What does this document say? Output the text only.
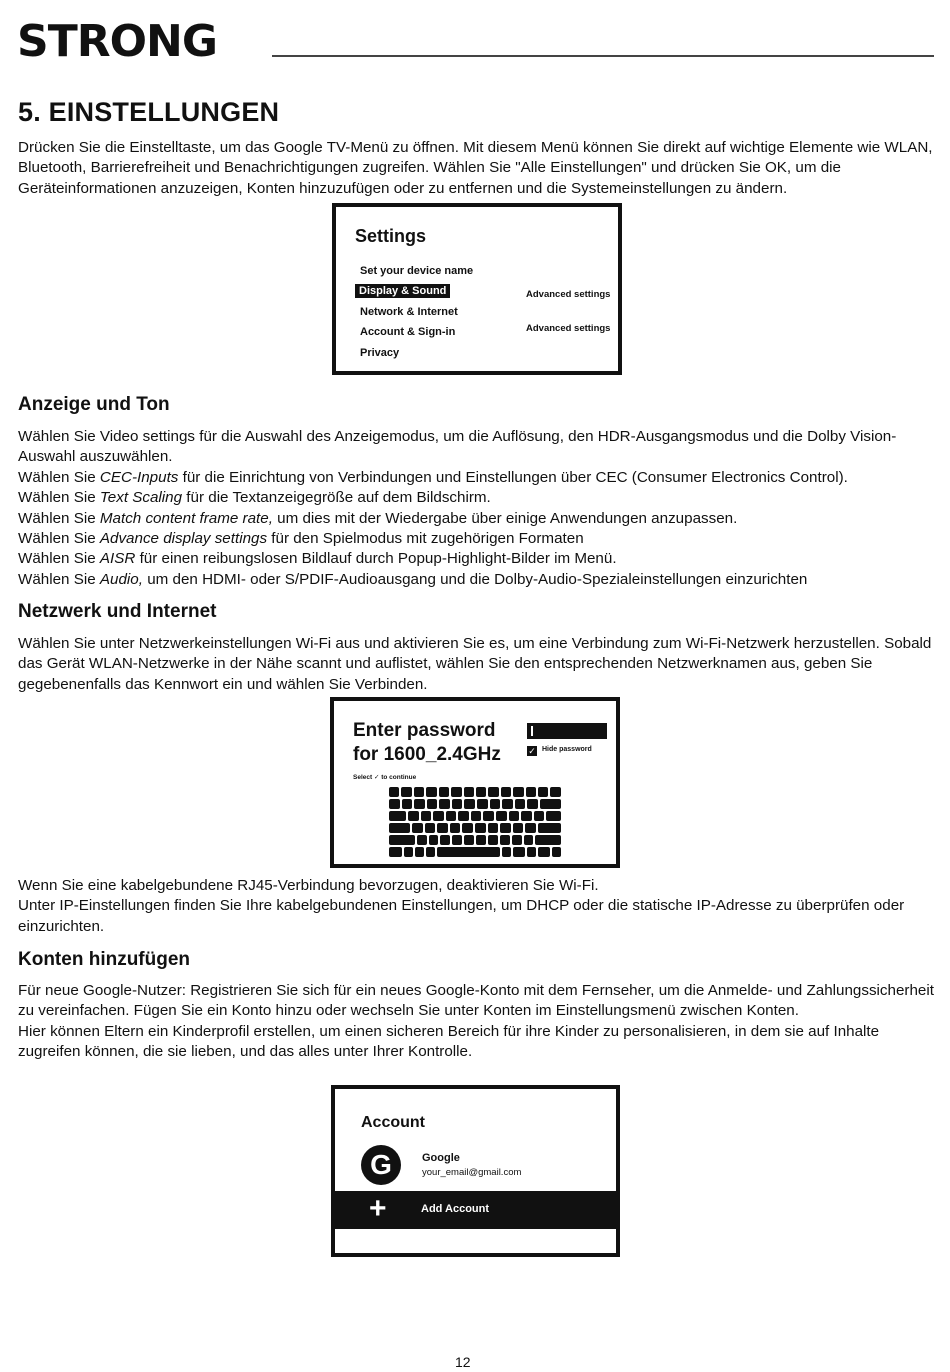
STRONG
5. EINSTELLUNGEN

Drücken Sie die Einstelltaste, um das Google TV-Menü zu öffnen. Mit diesem Menü können Sie direkt auf wichtige Elemente wie WLAN, Bluetooth, Barrierefreiheit und Benachrichtigungen zugreifen. Wählen Sie "Alle Einstellungen" und drücken Sie OK, um die Geräteinformationen anzuzeigen, Konten hinzuzufügen oder zu entfernen und die Systemeinstellungen zu ändern.

Settings
Set your device name
Display & Sound
Network & Internet
Account & Sign-in
Privacy
Advanced settings
Advanced settings
Anzeige und Ton

Wählen Sie Video settings für die Auswahl des Anzeigemodus, um die Auflösung, den HDR-Ausgangsmodus und die Dolby Vision-Auswahl auszuwählen.

Wählen Sie CEC-Inputs für die Einrichtung von Verbindungen und Einstellungen über CEC (Consumer Electronics Control).

Wählen Sie Text Scaling für die Textanzeigegröße auf dem Bildschirm.

Wählen Sie Match content frame rate, um dies mit der Wiedergabe über einige Anwendungen anzupassen.

Wählen Sie Advance display settings für den Spielmodus mit zugehörigen Formaten

Wählen Sie AISR für einen reibungslosen Bildlauf durch Popup-Highlight-Bilder im Menü.

Wählen Sie Audio, um den HDMI- oder S/PDIF-Audioausgang und die Dolby-Audio-Spezialeinstellungen einzurichten

Netzwerk und Internet

Wählen Sie unter Netzwerkeinstellungen Wi-Fi aus und aktivieren Sie es, um eine Verbindung zum Wi-Fi-Netzwerk herzustellen. Sobald das Gerät WLAN-Netzwerke in der Nähe scannt und auflistet, wählen Sie den entsprechenden Netzwerknamen aus, geben Sie gegebenenfalls das Kennwort ein und wählen Sie Verbinden.

Enter password
for 1600_2.4GHz	✓ Hide password
Select ✓ to continue

Wenn Sie eine kabelgebundene RJ45-Verbindung bevorzugen, deaktivieren Sie Wi-Fi.

Unter IP-Einstellungen finden Sie Ihre kabelgebundenen Einstellungen, um DHCP oder die statische IP-Adresse zu überprüfen oder einzurichten.

Konten hinzufügen

Für neue Google-Nutzer: Registrieren Sie sich für ein neues Google-Konto mit dem Fernseher, um die Anmelde- und Zahlungssicherheit zu vereinfachen. Fügen Sie ein Konto hinzu oder wechseln Sie unter Konten im Einstellungsmenü zwischen Konten.

Hier können Eltern ein Kinderprofil erstellen, um einen sicheren Bereich für ihre Kinder zu personalisieren, in dem sie auf Inhalte zugreifen können, die sie lieben, und das alles unter Ihrer Kontrolle.

Account
G	Google
your_email@gmail.com
+	Add Account
12
